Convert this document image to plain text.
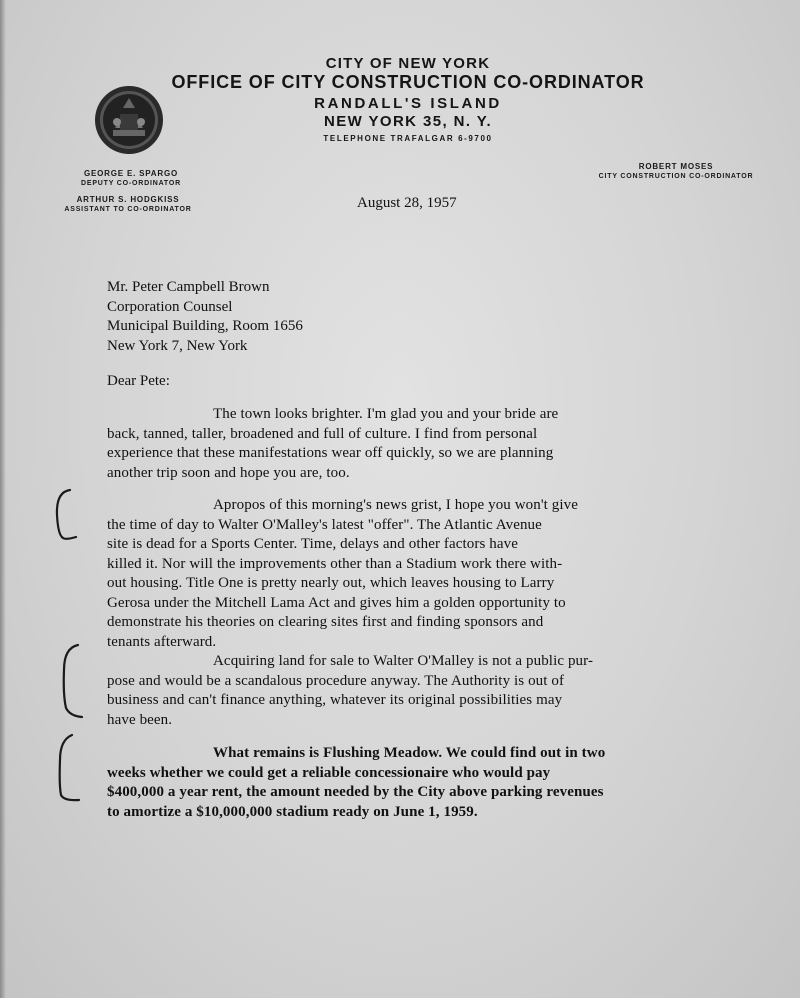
CITY OF NEW YORK
OFFICE OF CITY CONSTRUCTION CO-ORDINATOR
RANDALL'S ISLAND
NEW YORK 35, N. Y.
TELEPHONE TRAFALGAR 6-9700
GEORGE E. SPARGO
DEPUTY CO-ORDINATOR
ARTHUR S. HODGKISS
ASSISTANT TO CO-ORDINATOR
ROBERT MOSES
CITY CONSTRUCTION CO-ORDINATOR
August 28, 1957
Mr. Peter Campbell Brown
Corporation Counsel
Municipal Building, Room 1656
New York 7, New York
Dear Pete:
The town looks brighter. I'm glad you and your bride are
back, tanned, taller, broadened and full of culture. I find from personal
experience that these manifestations wear off quickly, so we are planning
another trip soon and hope you are, too.
Apropos of this morning's news grist, I hope you won't give
the time of day to Walter O'Malley's latest "offer". The Atlantic Avenue
site is dead for a Sports Center. Time, delays and other factors have
killed it. Nor will the improvements other than a Stadium work there with-
out housing. Title One is pretty nearly out, which leaves housing to Larry
Gerosa under the Mitchell Lama Act and gives him a golden opportunity to
demonstrate his theories on clearing sites first and finding sponsors and
tenants afterward.
Acquiring land for sale to Walter O'Malley is not a public pur-
pose and would be a scandalous procedure anyway. The Authority is out of
business and can't finance anything, whatever its original possibilities may
have been.
What remains is Flushing Meadow. We could find out in two
weeks whether we could get a reliable concessionaire who would pay
$400,000 a year rent, the amount needed by the City above parking revenues
to amortize a $10,000,000 stadium ready on June 1, 1959.
